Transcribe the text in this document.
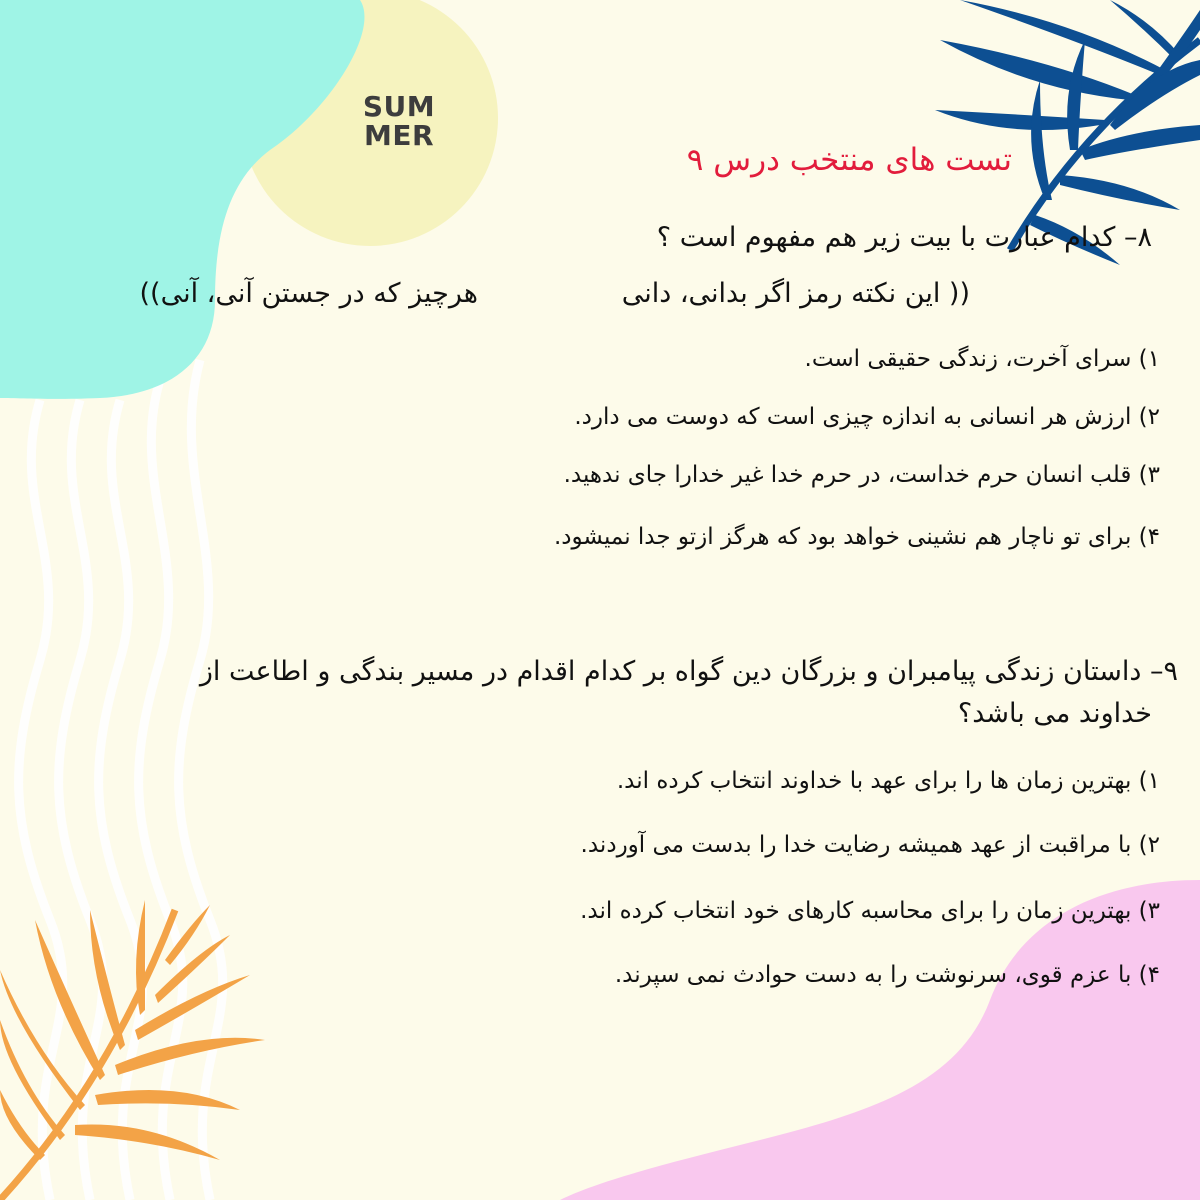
SUM
MER
تست های منتخب درس ۹
۸– کدام عبارت با بیت زیر هم مفهوم است ؟
(( این نکته رمز اگر بدانی، دانی
هرچیز که در جستن آنی، آنی))
۱) سرای آخرت، زندگی حقیقی است.
۲) ارزش هر انسانی به اندازه چیزی است که دوست می دارد.
۳) قلب انسان حرم خداست، در حرم خدا غیر خدارا جای ندهید.
۴) برای تو ناچار هم نشینی خواهد بود که هرگز ازتو جدا نمیشود.
۹– داستان زندگی پیامبران و بزرگان دین گواه بر کدام اقدام در مسیر بندگی و اطاعت از
خداوند می باشد؟
۱) بهترین زمان ها را برای عهد با خداوند انتخاب کرده اند.
۲) با مراقبت از عهد همیشه رضایت خدا را بدست می آوردند.
۳) بهترین زمان را برای محاسبه کارهای خود انتخاب کرده اند.
۴) با عزم قوی، سرنوشت را به دست حوادث نمی سپرند.
